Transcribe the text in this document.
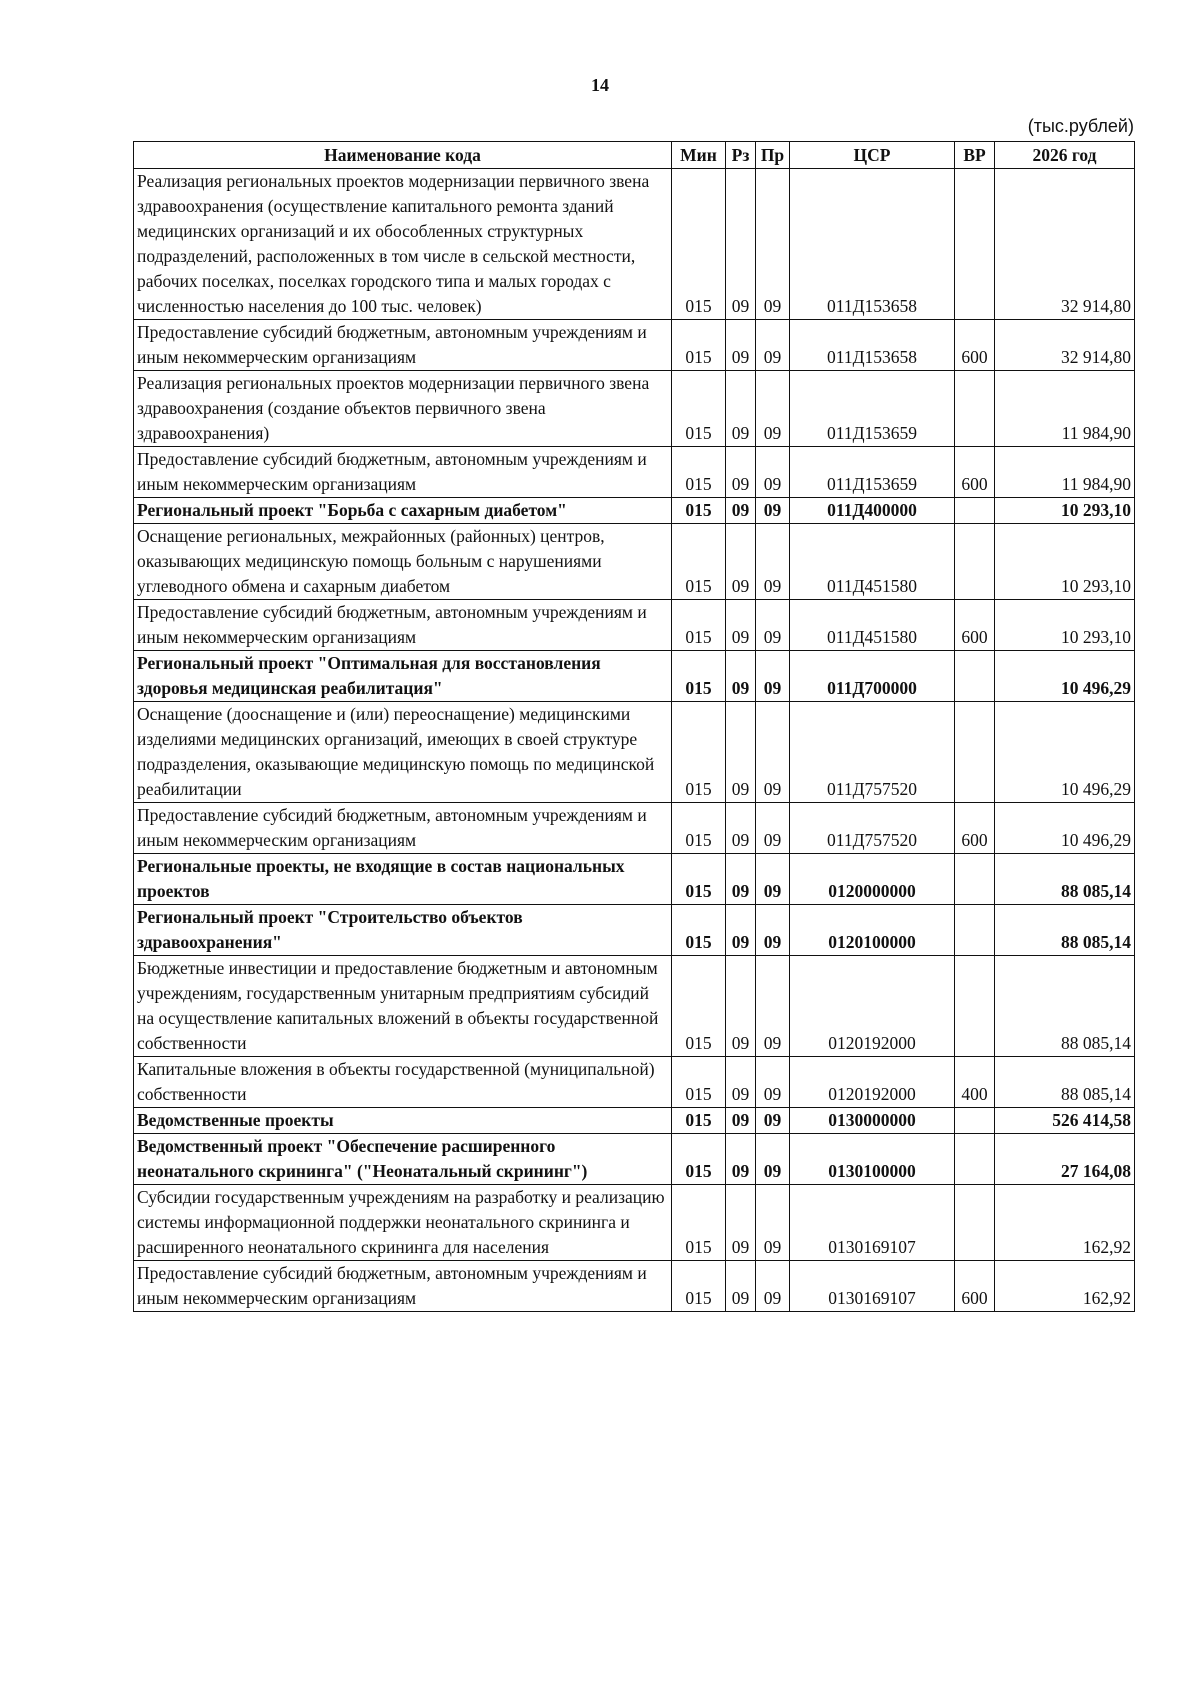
14
(тыс.рублей)
Наименование кода	Мин	Рз	Пр	ЦСР	ВР	2026 год
Реализация региональных проектов модернизации первичного звена здравоохранения (осуществление капитального ремонта зданий медицинских организаций и их обособленных структурных подразделений, расположенных в том числе в сельской местности, рабочих поселках, поселках городского типа и малых городах с численностью населения до 100 тыс. человек)	015	09	09	011Д153658		32 914,80
Предоставление субсидий бюджетным, автономным учреждениям и иным некоммерческим организациям	015	09	09	011Д153658	600	32 914,80
Реализация региональных проектов модернизации первичного звена здравоохранения (создание объектов первичного звена здравоохранения)	015	09	09	011Д153659		11 984,90
Предоставление субсидий бюджетным, автономным учреждениям и иным некоммерческим организациям	015	09	09	011Д153659	600	11 984,90
Региональный проект "Борьба с сахарным диабетом"	015	09	09	011Д400000		10 293,10
Оснащение региональных, межрайонных (районных) центров, оказывающих медицинскую помощь больным с нарушениями углеводного обмена и сахарным диабетом	015	09	09	011Д451580		10 293,10
Предоставление субсидий бюджетным, автономным учреждениям и иным некоммерческим организациям	015	09	09	011Д451580	600	10 293,10
Региональный проект "Оптимальная для восстановления здоровья медицинская реабилитация"	015	09	09	011Д700000		10 496,29
Оснащение (дооснащение и (или) переоснащение) медицинскими изделиями медицинских организаций, имеющих в своей структуре подразделения, оказывающие медицинскую помощь по медицинской реабилитации	015	09	09	011Д757520		10 496,29
Предоставление субсидий бюджетным, автономным учреждениям и иным некоммерческим организациям	015	09	09	011Д757520	600	10 496,29
Региональные проекты, не входящие в состав национальных проектов	015	09	09	0120000000		88 085,14
Региональный проект "Строительство объектов здравоохранения"	015	09	09	0120100000		88 085,14
Бюджетные инвестиции и предоставление бюджетным и автономным учреждениям, государственным унитарным предприятиям субсидий на осуществление капитальных вложений в объекты государственной собственности	015	09	09	0120192000		88 085,14
Капитальные вложения в объекты государственной (муниципальной) собственности	015	09	09	0120192000	400	88 085,14
Ведомственные проекты	015	09	09	0130000000		526 414,58
Ведомственный проект "Обеспечение расширенного неонатального скрининга" ("Неонатальный скрининг")	015	09	09	0130100000		27 164,08
Субсидии государственным учреждениям на разработку и реализацию системы информационной поддержки неонатального скрининга и расширенного неонатального скрининга для населения	015	09	09	0130169107		162,92
Предоставление субсидий бюджетным, автономным учреждениям и иным некоммерческим организациям	015	09	09	0130169107	600	162,92
